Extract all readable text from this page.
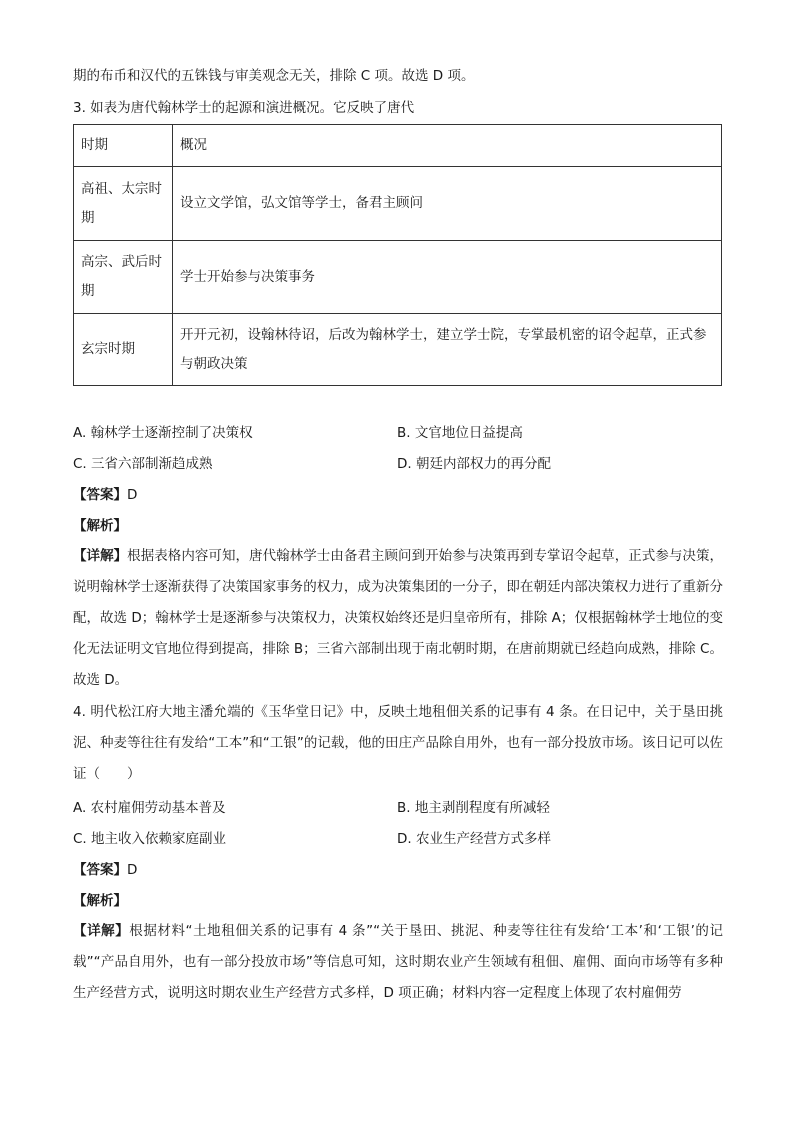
期的布币和汉代的五铢钱与审美观念无关，排除 C 项。故选 D 项。
3. 如表为唐代翰林学士的起源和演进概况。它反映了唐代
时期	概况
高祖、太宗时期	设立文学馆，弘文馆等学士，备君主顾问
高宗、武后时期	学士开始参与决策事务
玄宗时期	开开元初，设翰林待诏，后改为翰林学士，建立学士院，专掌最机密的诏令起草，正式参与朝政决策
A. 翰林学士逐渐控制了决策权	B. 文官地位日益提高
C. 三省六部制渐趋成熟	D. 朝廷内部权力的再分配
【答案】D
【解析】
【详解】根据表格内容可知，唐代翰林学士由备君主顾问到开始参与决策再到专掌诏令起草，正式参与决策，说明翰林学士逐渐获得了决策国家事务的权力，成为决策集团的一分子，即在朝廷内部决策权力进行了重新分配，故选 D；翰林学士是逐渐参与决策权力，决策权始终还是归皇帝所有，排除 A；仅根据翰林学士地位的变化无法证明文官地位得到提高，排除 B；三省六部制出现于南北朝时期，在唐前期就已经趋向成熟，排除 C。故选 D。
4. 明代松江府大地主潘允端的《玉华堂日记》中，反映土地租佃关系的记事有 4 条。在日记中，关于垦田挑泥、种麦等往往有发给“工本”和“工银”的记载，他的田庄产品除自用外，也有一部分投放市场。该日记可以佐证（　　）
A. 农村雇佣劳动基本普及	B. 地主剥削程度有所减轻
C. 地主收入依赖家庭副业	D. 农业生产经营方式多样
【答案】D
【解析】
【详解】根据材料“土地租佃关系的记事有 4 条”“关于垦田、挑泥、种麦等往往有发给‘工本’和‘工银’的记载”“产品自用外，也有一部分投放市场”等信息可知，这时期农业产生领域有租佃、雇佣、面向市场等有多种生产经营方式，说明这时期农业生产经营方式多样，D 项正确；材料内容一定程度上体现了农村雇佣劳
